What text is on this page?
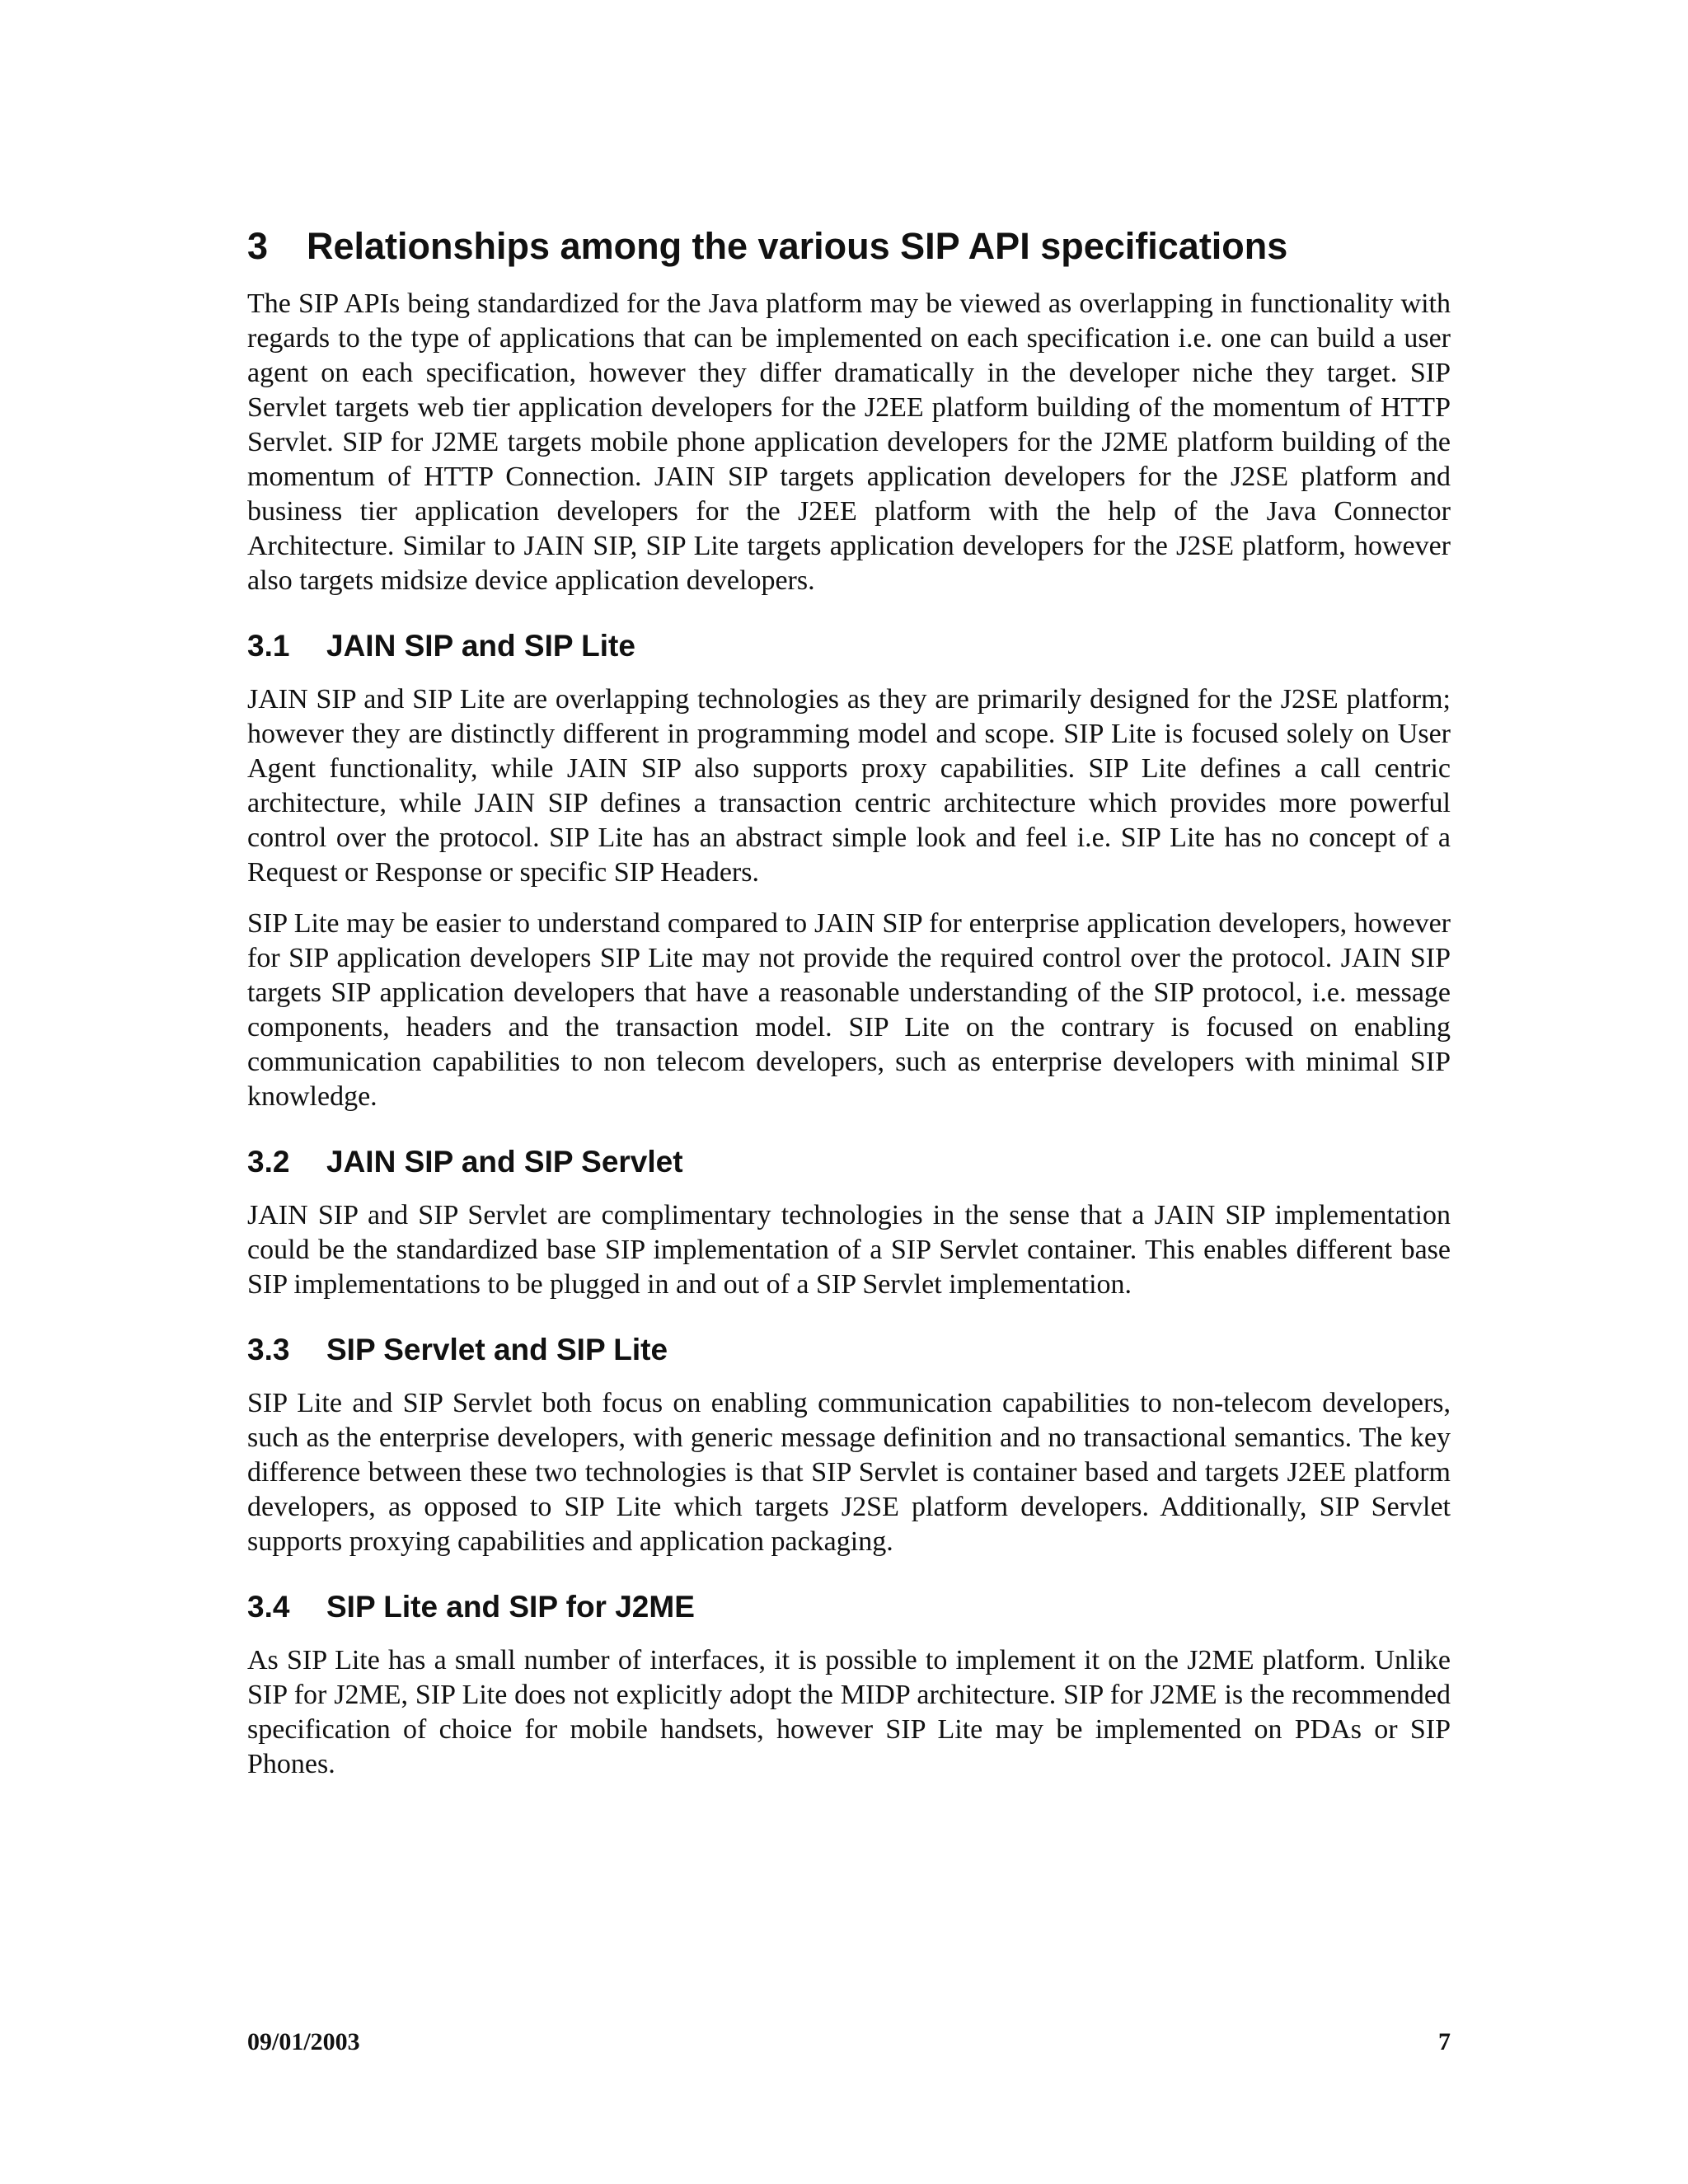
3 Relationships among the various SIP API specifications

The SIP APIs being standardized for the Java platform may be viewed as overlapping in functionality with regards to the type of applications that can be implemented on each specification i.e. one can build a user agent on each specification, however they differ dramatically in the developer niche they target. SIP Servlet targets web tier application developers for the J2EE platform building of the momentum of HTTP Servlet. SIP for J2ME targets mobile phone application developers for the J2ME platform building of the momentum of HTTP Connection. JAIN SIP targets application developers for the J2SE platform and business tier application developers for the J2EE platform with the help of the Java Connector Architecture. Similar to JAIN SIP, SIP Lite targets application developers for the J2SE platform, however also targets midsize device application developers.

3.1 JAIN SIP and SIP Lite

JAIN SIP and SIP Lite are overlapping technologies as they are primarily designed for the J2SE platform; however they are distinctly different in programming model and scope. SIP Lite is focused solely on User Agent functionality, while JAIN SIP also supports proxy capabilities. SIP Lite defines a call centric architecture, while JAIN SIP defines a transaction centric architecture which provides more powerful control over the protocol. SIP Lite has an abstract simple look and feel i.e. SIP Lite has no concept of a Request or Response or specific SIP Headers.

SIP Lite may be easier to understand compared to JAIN SIP for enterprise application developers, however for SIP application developers SIP Lite may not provide the required control over the protocol. JAIN SIP targets SIP application developers that have a reasonable understanding of the SIP protocol, i.e. message components, headers and the transaction model. SIP Lite on the contrary is focused on enabling communication capabilities to non telecom developers, such as enterprise developers with minimal SIP knowledge.

3.2 JAIN SIP and SIP Servlet

JAIN SIP and SIP Servlet are complimentary technologies in the sense that a JAIN SIP implementation could be the standardized base SIP implementation of a SIP Servlet container. This enables different base SIP implementations to be plugged in and out of a SIP Servlet implementation.

3.3 SIP Servlet and SIP Lite

SIP Lite and SIP Servlet both focus on enabling communication capabilities to non-telecom developers, such as the enterprise developers, with generic message definition and no transactional semantics. The key difference between these two technologies is that SIP Servlet is container based and targets J2EE platform developers, as opposed to SIP Lite which targets J2SE platform developers. Additionally, SIP Servlet supports proxying capabilities and application packaging.

3.4 SIP Lite and SIP for J2ME

As SIP Lite has a small number of interfaces, it is possible to implement it on the J2ME platform. Unlike SIP for J2ME, SIP Lite does not explicitly adopt the MIDP architecture. SIP for J2ME is the recommended specification of choice for mobile handsets, however SIP Lite may be implemented on PDAs or SIP Phones.

09/01/2003	7
